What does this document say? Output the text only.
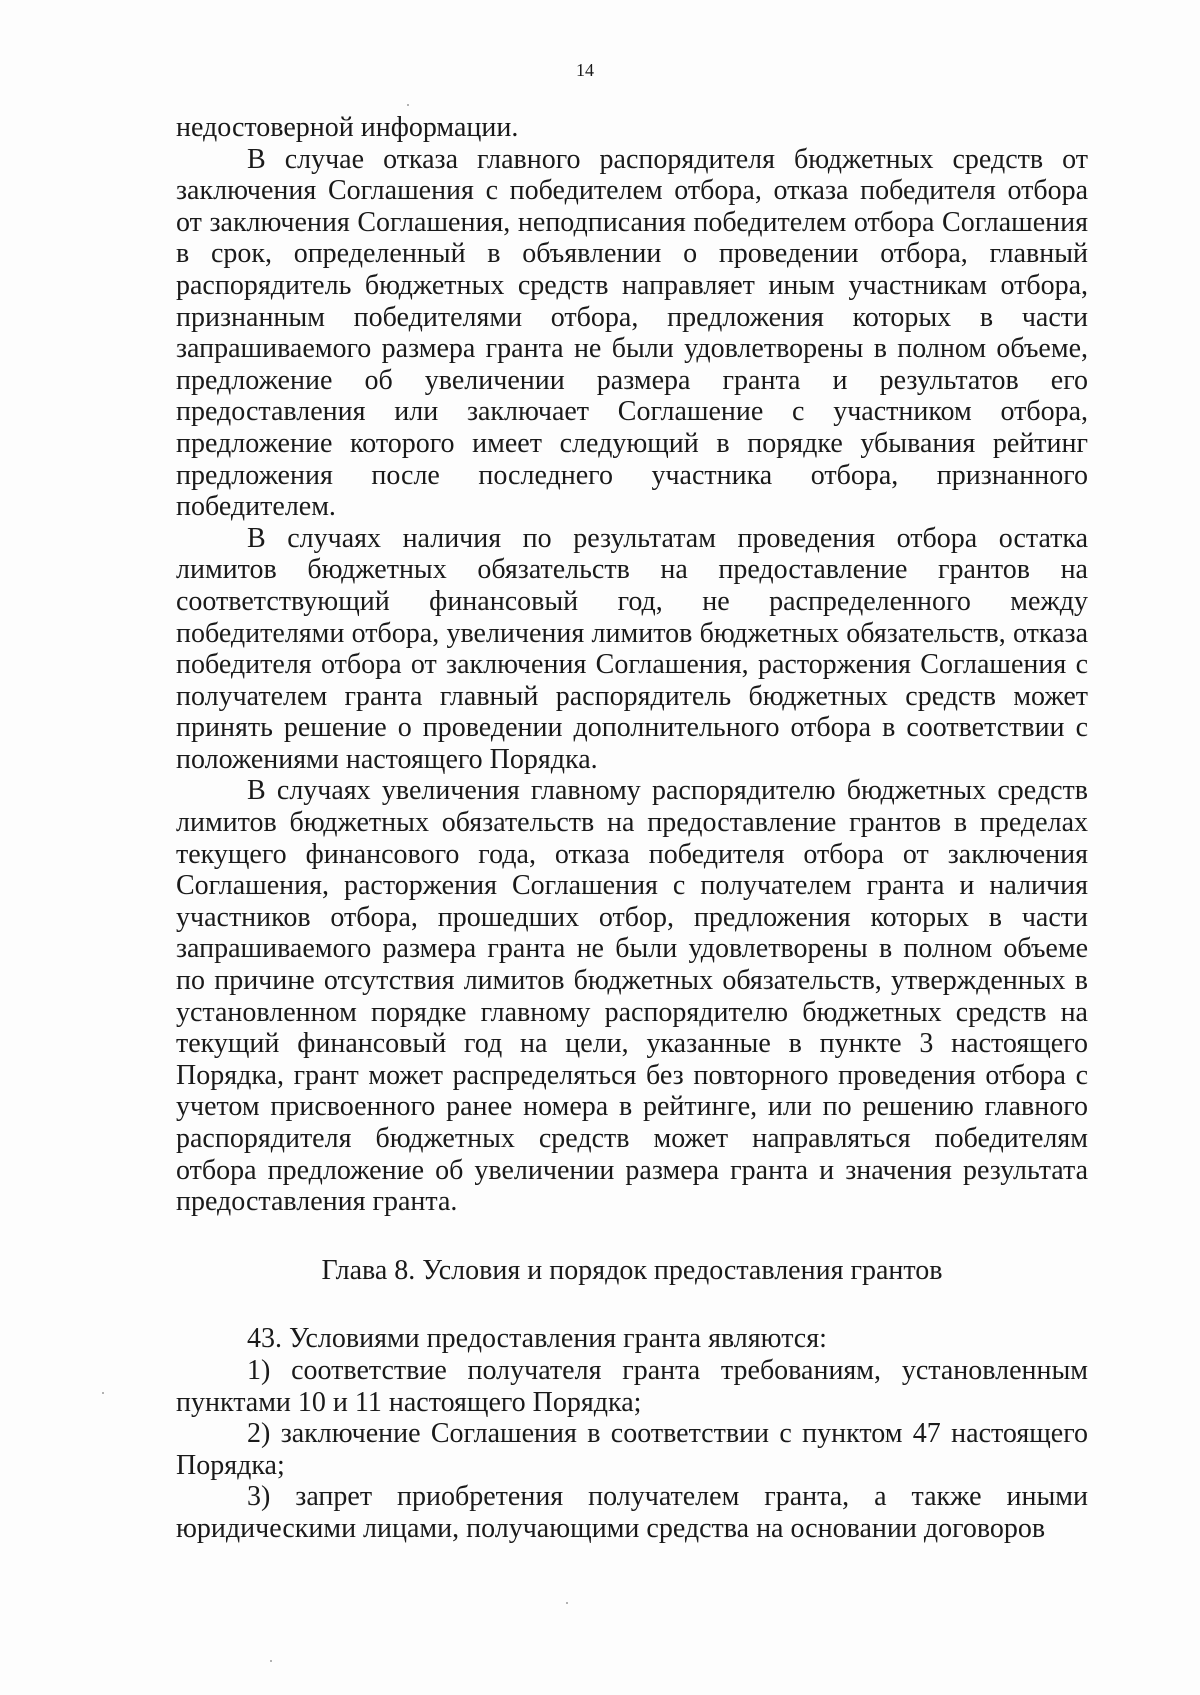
14

недостоверной информации.

В случае отказа главного распорядителя бюджетных средств от заключения Соглашения с победителем отбора, отказа победителя отбора от заключения Соглашения, неподписания победителем отбора Соглашения в срок, определенный в объявлении о проведении отбора, главный распорядитель бюджетных средств направляет иным участникам отбора, признанным победителями отбора, предложения которых в части запрашиваемого размера гранта не были удовлетворены в полном объеме, предложение об увеличении размера гранта и результатов его предоставления или заключает Соглашение с участником отбора, предложение которого имеет следующий в порядке убывания рейтинг предложения после последнего участника отбора, признанного победителем.

В случаях наличия по результатам проведения отбора остатка лимитов бюджетных обязательств на предоставление грантов на соответствующий финансовый год, не распределенного между победителями отбора, увеличения лимитов бюджетных обязательств, отказа победителя отбора от заключения Соглашения, расторжения Соглашения с получателем гранта главный распорядитель бюджетных средств может принять решение о проведении дополнительного отбора в соответствии с положениями настоящего Порядка.

В случаях увеличения главному распорядителю бюджетных средств лимитов бюджетных обязательств на предоставление грантов в пределах текущего финансового года, отказа победителя отбора от заключения Соглашения, расторжения Соглашения с получателем гранта и наличия участников отбора, прошедших отбор, предложения которых в части запрашиваемого размера гранта не были удовлетворены в полном объеме по причине отсутствия лимитов бюджетных обязательств, утвержденных в установленном порядке главному распорядителю бюджетных средств на текущий финансовый год на цели, указанные в пункте 3 настоящего Порядка, грант может распределяться без повторного проведения отбора с учетом присвоенного ранее номера в рейтинге, или по решению главного распорядителя бюджетных средств может направляться победителям отбора предложение об увеличении размера гранта и значения результата предоставления гранта.

Глава 8. Условия и порядок предоставления грантов

43. Условиями предоставления гранта являются:

1) соответствие получателя гранта требованиям, установленным пунктами 10 и 11 настоящего Порядка;

2) заключение Соглашения в соответствии с пунктом 47 настоящего Порядка;

3) запрет приобретения получателем гранта, а также иными юридическими лицами, получающими средства на основании договоров
